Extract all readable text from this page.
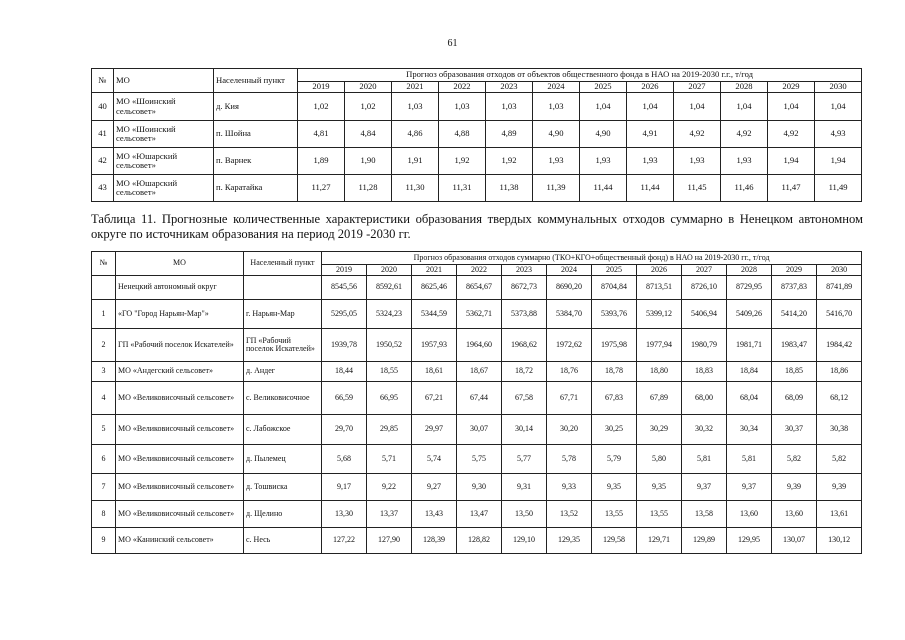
61
№	МО	Населенный пункт	Прогноз образования отходов от объектов общественного фонда в НАО на 2019-2030 г.г., т/год											
			2019	2020	2021	2022	2023	2024	2025	2026	2027	2028	2029	2030
40	МО «Шоинский сельсовет»	д. Кия	1,02	1,02	1,03	1,03	1,03	1,03	1,04	1,04	1,04	1,04	1,04	1,04
41	МО «Шоинский сельсовет»	п. Шойна	4,81	4,84	4,86	4,88	4,89	4,90	4,90	4,91	4,92	4,92	4,92	4,93
42	МО «Юшарский сельсовет»	п. Варнек	1,89	1,90	1,91	1,92	1,92	1,93	1,93	1,93	1,93	1,93	1,94	1,94
43	МО «Юшарский сельсовет»	п. Каратайка	11,27	11,28	11,30	11,31	11,38	11,39	11,44	11,44	11,45	11,46	11,47	11,49
Таблица 11. Прогнозные количественные характеристики образования твердых коммунальных отходов суммарно в Ненецком автономном округе по источникам образования на период 2019 -2030 гг.
№	МО	Населенный пункт	Прогноз образования отходов суммарно (ТКО+КГО+общественный фонд) в НАО на 2019-2030 гг., т/год											
			2019	2020	2021	2022	2023	2024	2025	2026	2027	2028	2029	2030
	Ненецкий автономный округ		8545,56	8592,61	8625,46	8654,67	8672,73	8690,20	8704,84	8713,51	8726,10	8729,95	8737,83	8741,89
1	«ГО "Город Нарьян-Мар"»	г. Нарьян-Мар	5295,05	5324,23	5344,59	5362,71	5373,88	5384,70	5393,76	5399,12	5406,94	5409,26	5414,20	5416,70
2	ГП «Рабочий поселок Искателей»	ГП «Рабочий поселок Искателей»	1939,78	1950,52	1957,93	1964,60	1968,62	1972,62	1975,98	1977,94	1980,79	1981,71	1983,47	1984,42
3	МО «Андегский сельсовет»	д. Андег	18,44	18,55	18,61	18,67	18,72	18,76	18,78	18,80	18,83	18,84	18,85	18,86
4	МО «Великовисочный сельсовет»	с. Великовисочное	66,59	66,95	67,21	67,44	67,58	67,71	67,83	67,89	68,00	68,04	68,09	68,12
5	МО «Великовисочный сельсовет»	с. Лабожское	29,70	29,85	29,97	30,07	30,14	30,20	30,25	30,29	30,32	30,34	30,37	30,38
6	МО «Великовисочный сельсовет»	д. Пылемец	5,68	5,71	5,74	5,75	5,77	5,78	5,79	5,80	5,81	5,81	5,82	5,82
7	МО «Великовисочный сельсовет»	д. Тошвиска	9,17	9,22	9,27	9,30	9,31	9,33	9,35	9,35	9,37	9,37	9,39	9,39
8	МО «Великовисочный сельсовет»	д. Щелино	13,30	13,37	13,43	13,47	13,50	13,52	13,55	13,55	13,58	13,60	13,60	13,61
9	МО «Канинский сельсовет»	с. Несь	127,22	127,90	128,39	128,82	129,10	129,35	129,58	129,71	129,89	129,95	130,07	130,12
